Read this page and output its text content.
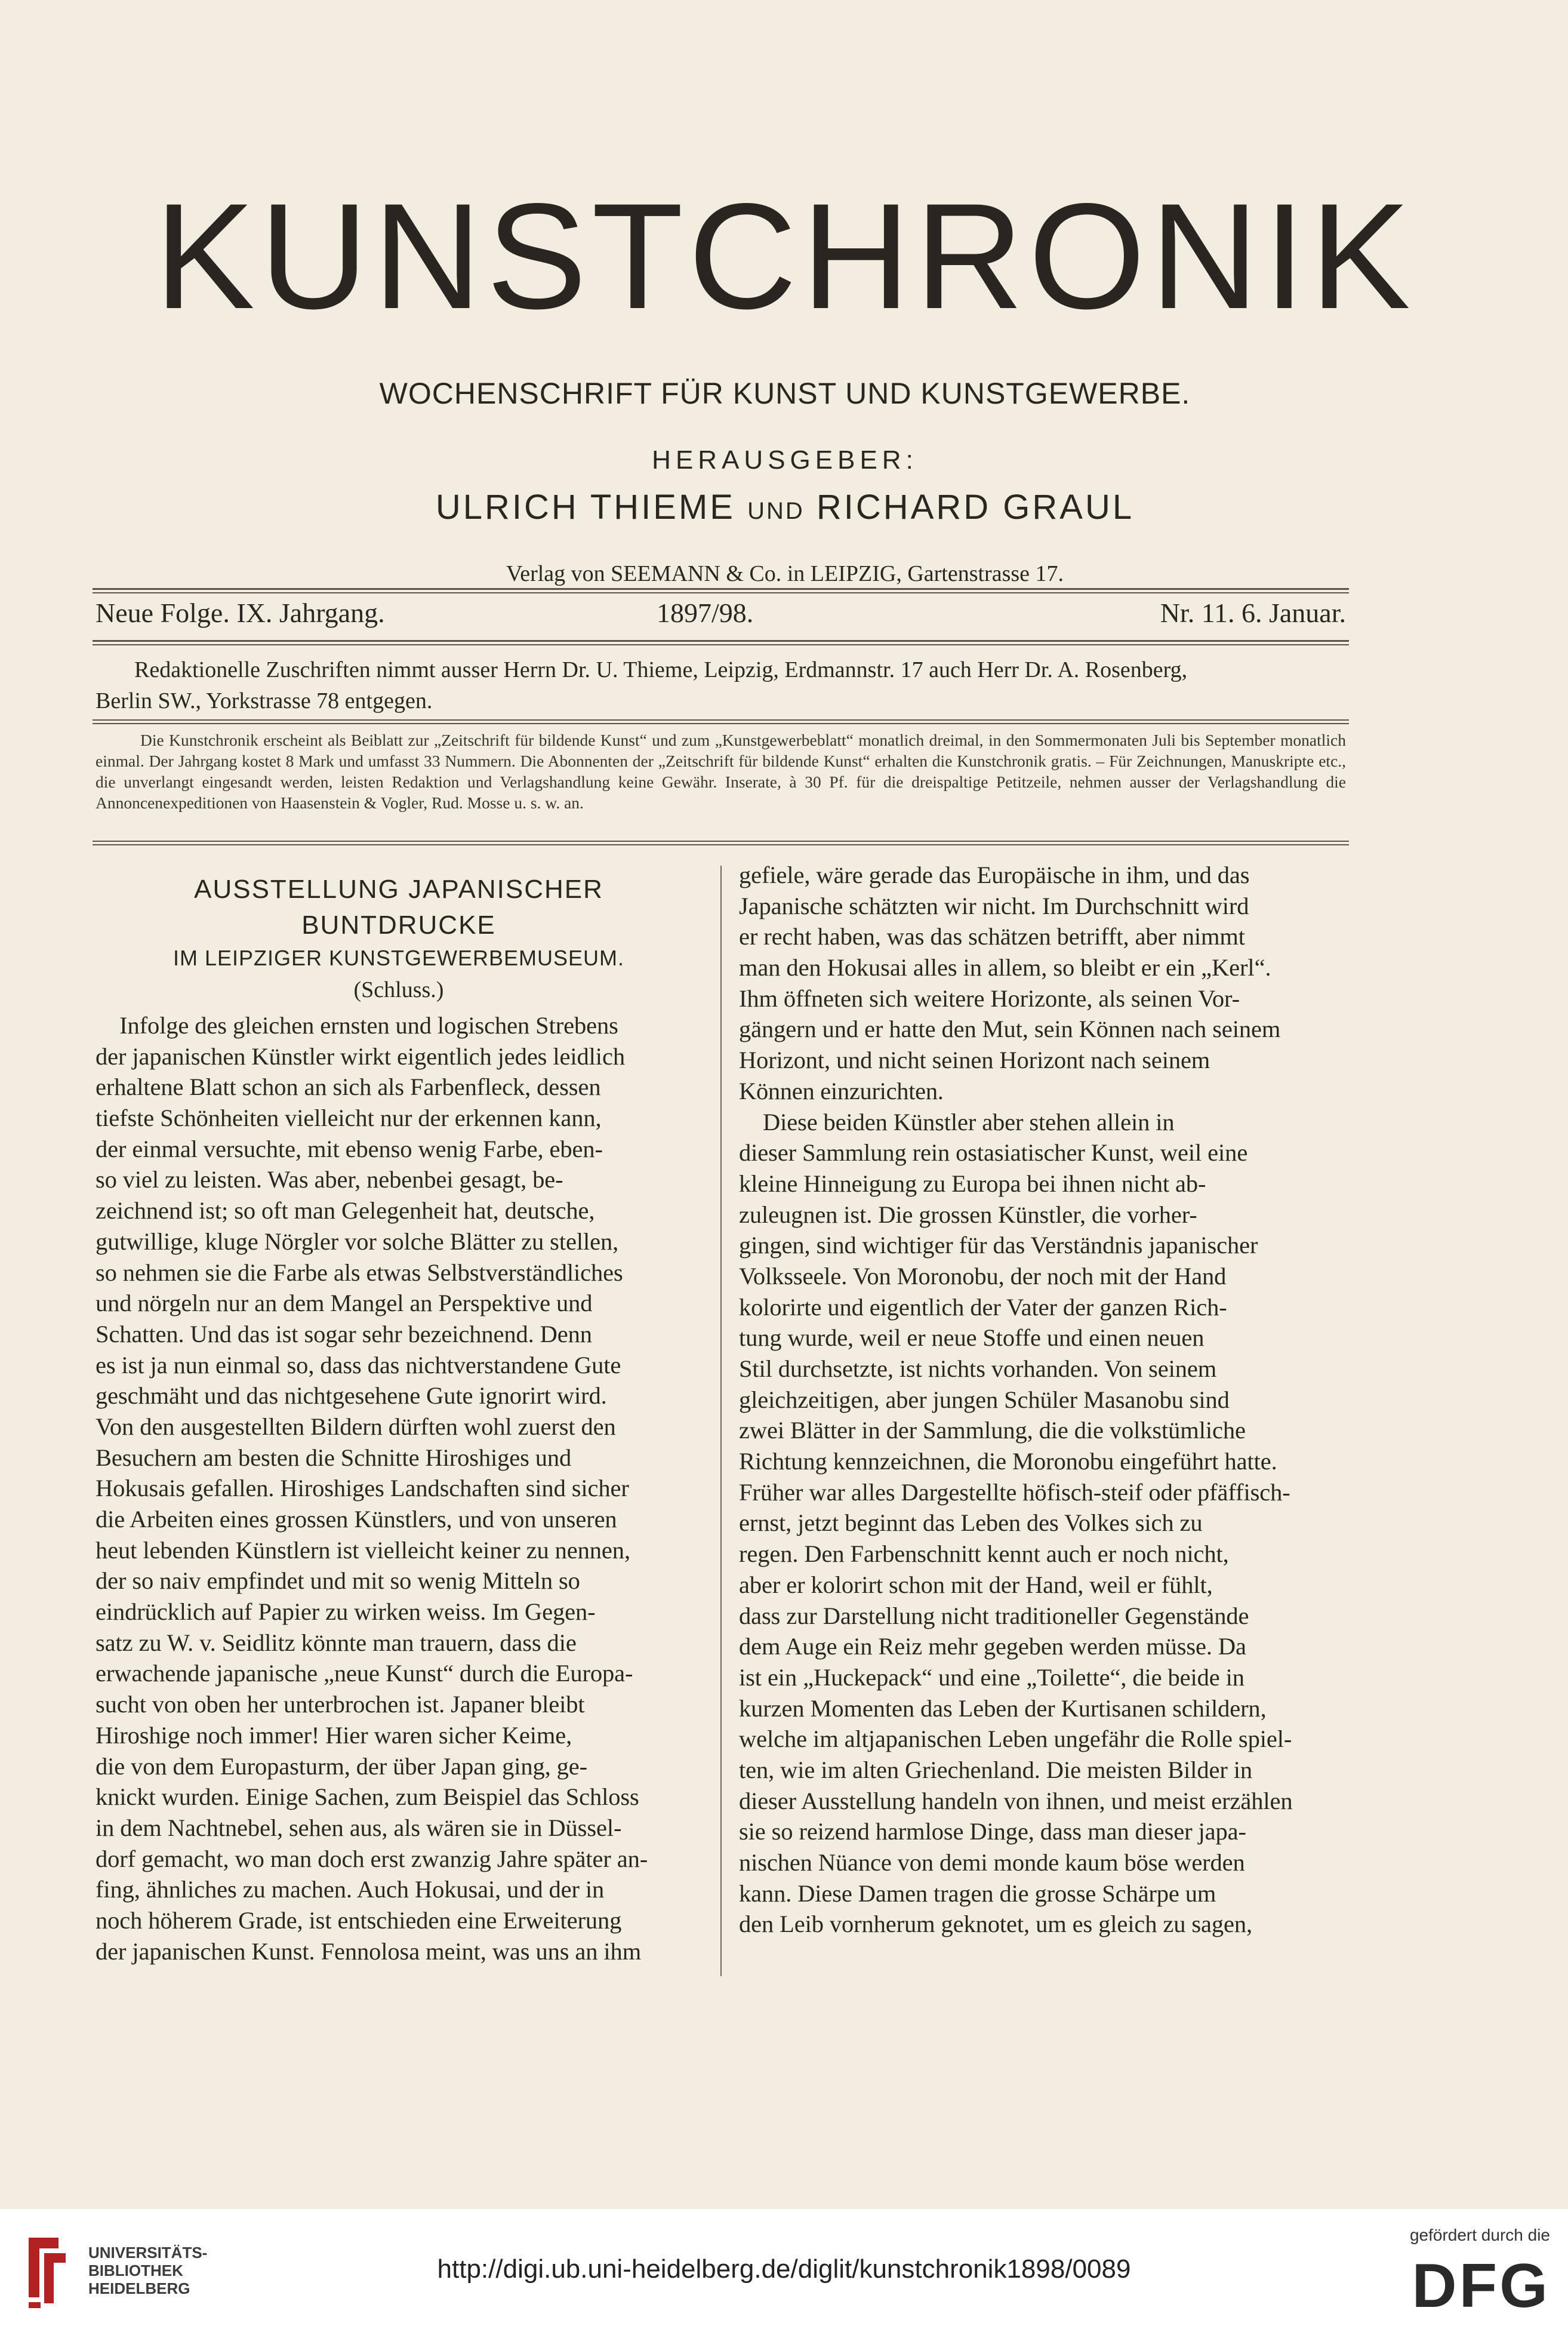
KUNSTCHRONIK
WOCHENSCHRIFT FÜR KUNST UND KUNSTGEWERBE.
HERAUSGEBER:
ULRICH THIEME UND RICHARD GRAUL
Verlag von SEEMANN & Co. in LEIPZIG, Gartenstrasse 17.
Neue Folge. IX. Jahrgang.	1897/98.	Nr. 11. 6. Januar.

Redaktionelle Zuschriften nimmt ausser Herrn Dr. U. Thieme, Leipzig, Erdmannstr. 17 auch Herr Dr. A. Rosenberg,

Berlin SW., Yorkstrasse 78 entgegen.

Die Kunstchronik erscheint als Beiblatt zur „Zeitschrift für bildende Kunst“ und zum „Kunstgewerbeblatt“ monatlich dreimal, in den Sommermonaten Juli bis September monatlich einmal. Der Jahrgang kostet 8 Mark und umfasst 33 Nummern. Die Abonnenten der „Zeitschrift für bildende Kunst“ erhalten die Kunstchronik gratis. – Für Zeichnungen, Manuskripte etc., die unverlangt eingesandt werden, leisten Redaktion und Verlagshandlung keine Gewähr. Inserate, à 30 Pf. für die dreispaltige Petitzeile, nehmen ausser der Verlagshandlung die Annoncenexpeditionen von Haasenstein & Vogler, Rud. Mosse u. s. w. an.

AUSSTELLUNG JAPANISCHER BUNTDRUCKE
IM LEIPZIGER KUNSTGEWERBEMUSEUM.
(Schluss.)
Infolge des gleichen ernsten und logischen Strebens
der japanischen Künstler wirkt eigentlich jedes leidlich
erhaltene Blatt schon an sich als Farbenfleck, dessen
tiefste Schönheiten vielleicht nur der erkennen kann,
der einmal versuchte, mit ebenso wenig Farbe, eben-
so viel zu leisten. Was aber, nebenbei gesagt, be-
zeichnend ist; so oft man Gelegenheit hat, deutsche,
gutwillige, kluge Nörgler vor solche Blätter zu stellen,
so nehmen sie die Farbe als etwas Selbstverständliches
und nörgeln nur an dem Mangel an Perspektive und
Schatten. Und das ist sogar sehr bezeichnend. Denn
es ist ja nun einmal so, dass das nichtverstandene Gute
geschmäht und das nichtgesehene Gute ignorirt wird.
Von den ausgestellten Bildern dürften wohl zuerst den
Besuchern am besten die Schnitte Hiroshiges und
Hokusais gefallen. Hiroshiges Landschaften sind sicher
die Arbeiten eines grossen Künstlers, und von unseren
heut lebenden Künstlern ist vielleicht keiner zu nennen,
der so naiv empfindet und mit so wenig Mitteln so
eindrücklich auf Papier zu wirken weiss. Im Gegen-
satz zu W. v. Seidlitz könnte man trauern, dass die
erwachende japanische „neue Kunst“ durch die Europa-
sucht von oben her unterbrochen ist. Japaner bleibt
Hiroshige noch immer! Hier waren sicher Keime,
die von dem Europasturm, der über Japan ging, ge-
knickt wurden. Einige Sachen, zum Beispiel das Schloss
in dem Nachtnebel, sehen aus, als wären sie in Düssel-
dorf gemacht, wo man doch erst zwanzig Jahre später an-
fing, ähnliches zu machen. Auch Hokusai, und der in
noch höherem Grade, ist entschieden eine Erweiterung
der japanischen Kunst. Fennolosa meint, was uns an ihm
gefiele, wäre gerade das Europäische in ihm, und das
Japanische schätzten wir nicht. Im Durchschnitt wird
er recht haben, was das schätzen betrifft, aber nimmt
man den Hokusai alles in allem, so bleibt er ein „Kerl“.
Ihm öffneten sich weitere Horizonte, als seinen Vor-
gängern und er hatte den Mut, sein Können nach seinem
Horizont, und nicht seinen Horizont nach seinem
Können einzurichten.
Diese beiden Künstler aber stehen allein in
dieser Sammlung rein ostasiatischer Kunst, weil eine
kleine Hinneigung zu Europa bei ihnen nicht ab-
zuleugnen ist. Die grossen Künstler, die vorher-
gingen, sind wichtiger für das Verständnis japanischer
Volksseele. Von Moronobu, der noch mit der Hand
kolorirte und eigentlich der Vater der ganzen Rich-
tung wurde, weil er neue Stoffe und einen neuen
Stil durchsetzte, ist nichts vorhanden. Von seinem
gleichzeitigen, aber jungen Schüler Masanobu sind
zwei Blätter in der Sammlung, die die volkstümliche
Richtung kennzeichnen, die Moronobu eingeführt hatte.
Früher war alles Dargestellte höfisch-steif oder pfäffisch-
ernst, jetzt beginnt das Leben des Volkes sich zu
regen. Den Farbenschnitt kennt auch er noch nicht,
aber er kolorirt schon mit der Hand, weil er fühlt,
dass zur Darstellung nicht traditioneller Gegenstände
dem Auge ein Reiz mehr gegeben werden müsse. Da
ist ein „Huckepack“ und eine „Toilette“, die beide in
kurzen Momenten das Leben der Kurtisanen schildern,
welche im altjapanischen Leben ungefähr die Rolle spiel-
ten, wie im alten Griechenland. Die meisten Bilder in
dieser Ausstellung handeln von ihnen, und meist erzählen
sie so reizend harmlose Dinge, dass man dieser japa-
nischen Nüance von demi monde kaum böse werden
kann. Diese Damen tragen die grosse Schärpe um
den Leib vornherum geknotet, um es gleich zu sagen,
UNIVERSITÄTS-
BIBLIOTHEK
HEIDELBERG
http://digi.ub.uni-heidelberg.de/diglit/kunstchronik1898/0089
gefördert durch die
DFG
